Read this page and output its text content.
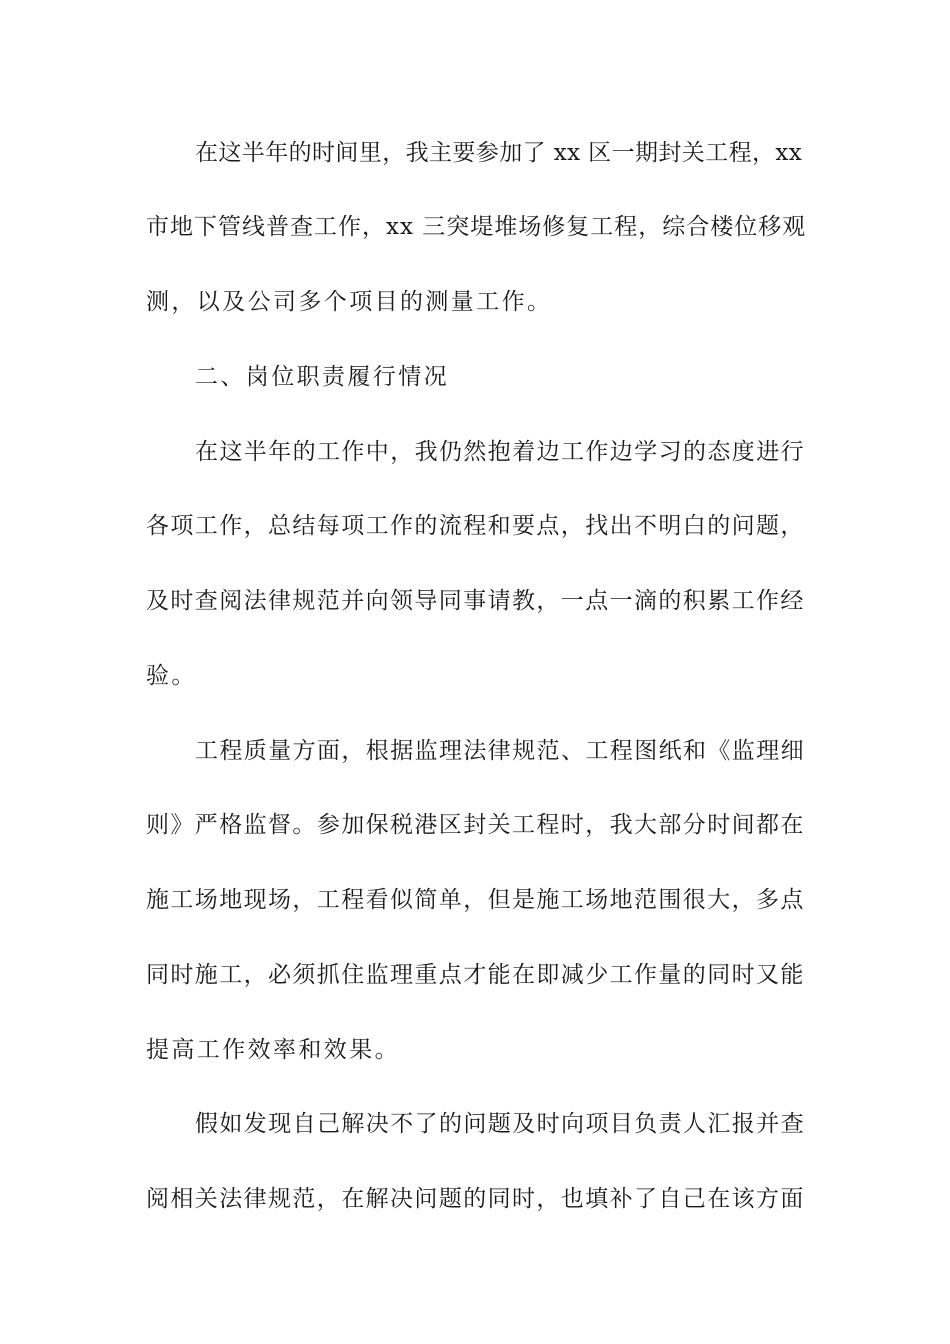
在这半年的时间里，我主要参加了 xx 区一期封关工程，xx
市地下管线普查工作，xx 三突堤堆场修复工程，综合楼位移观
测，以及公司多个项目的测量工作。
二、岗位职责履行情况
在这半年的工作中，我仍然抱着边工作边学习的态度进行
各项工作，总结每项工作的流程和要点，找出不明白的问题，
及时查阅法律规范并向领导同事请教，一点一滴的积累工作经
验。
工程质量方面，根据监理法律规范、工程图纸和《监理细
则》严格监督。参加保税港区封关工程时，我大部分时间都在
施工场地现场，工程看似简单，但是施工场地范围很大，多点
同时施工，必须抓住监理重点才能在即减少工作量的同时又能
提高工作效率和效果。
假如发现自己解决不了的问题及时向项目负责人汇报并查
阅相关法律规范，在解决问题的同时，也填补了自己在该方面
